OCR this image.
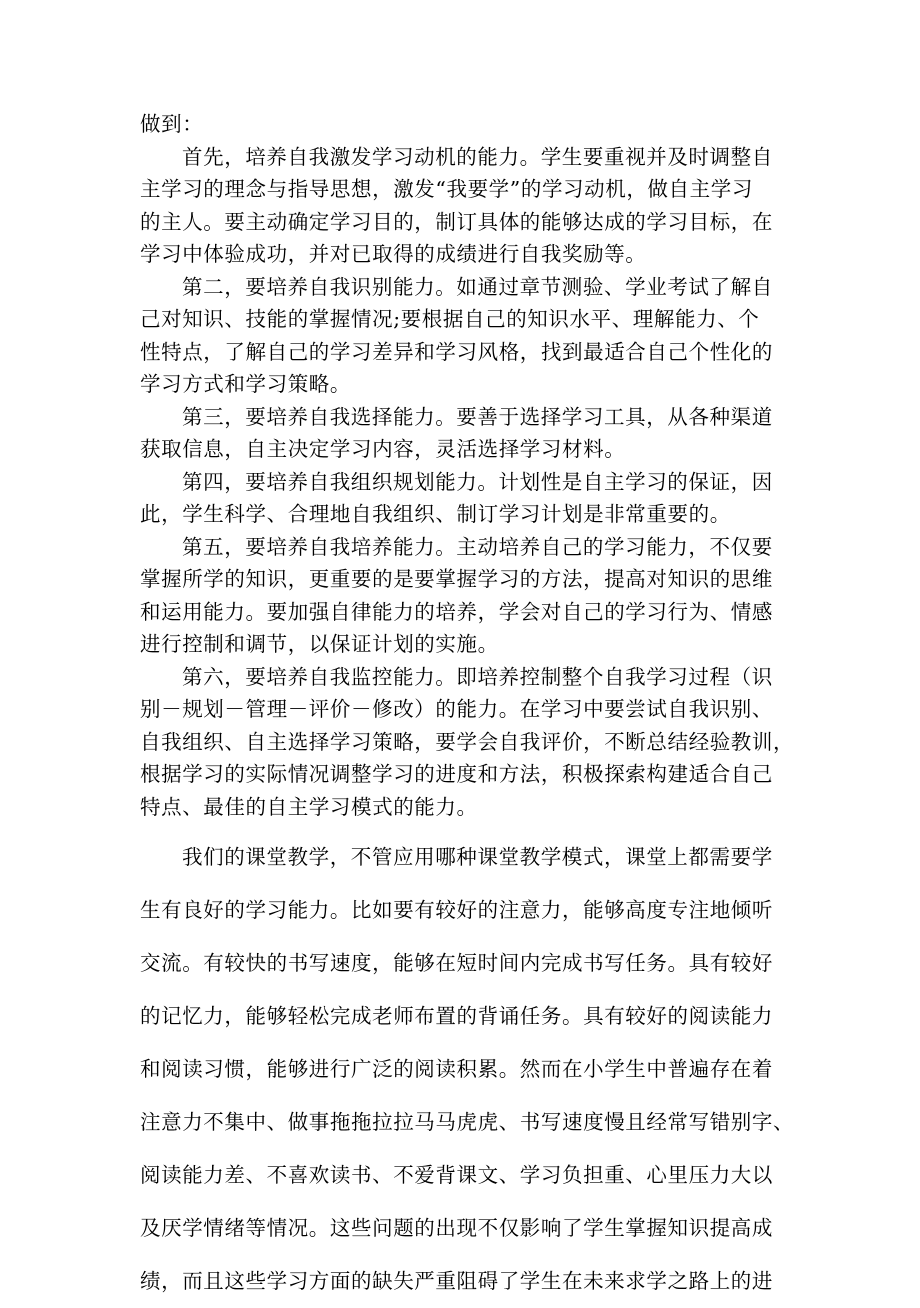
做到：
首先，培养自我激发学习动机的能力。学生要重视并及时调整自
主学习的理念与指导思想，激发“我要学”的学习动机，做自主学习
的主人。要主动确定学习目的，制订具体的能够达成的学习目标，在
学习中体验成功，并对已取得的成绩进行自我奖励等。
第二，要培养自我识别能力。如通过章节测验、学业考试了解自
己对知识、技能的掌握情况;要根据自己的知识水平、理解能力、个
性特点，了解自己的学习差异和学习风格，找到最适合自己个性化的
学习方式和学习策略。
第三，要培养自我选择能力。要善于选择学习工具，从各种渠道
获取信息，自主决定学习内容，灵活选择学习材料。
第四，要培养自我组织规划能力。计划性是自主学习的保证，因
此，学生科学、合理地自我组织、制订学习计划是非常重要的。
第五，要培养自我培养能力。主动培养自己的学习能力，不仅要
掌握所学的知识，更重要的是要掌握学习的方法，提高对知识的思维
和运用能力。要加强自律能力的培养，学会对自己的学习行为、情感
进行控制和调节，以保证计划的实施。
第六，要培养自我监控能力。即培养控制整个自我学习过程（识
别－规划－管理－评价－修改）的能力。在学习中要尝试自我识别、
自我组织、自主选择学习策略，要学会自我评价，不断总结经验教训，
根据学习的实际情况调整学习的进度和方法，积极探索构建适合自己
特点、最佳的自主学习模式的能力。
我们的课堂教学，不管应用哪种课堂教学模式，课堂上都需要学
生有良好的学习能力。比如要有较好的注意力，能够高度专注地倾听
交流。有较快的书写速度，能够在短时间内完成书写任务。具有较好
的记忆力，能够轻松完成老师布置的背诵任务。具有较好的阅读能力
和阅读习惯，能够进行广泛的阅读积累。然而在小学生中普遍存在着
注意力不集中、做事拖拖拉拉马马虎虎、书写速度慢且经常写错别字、
阅读能力差、不喜欢读书、不爱背课文、学习负担重、心里压力大以
及厌学情绪等情况。这些问题的出现不仅影响了学生掌握知识提高成
绩，而且这些学习方面的缺失严重阻碍了学生在未来求学之路上的进
